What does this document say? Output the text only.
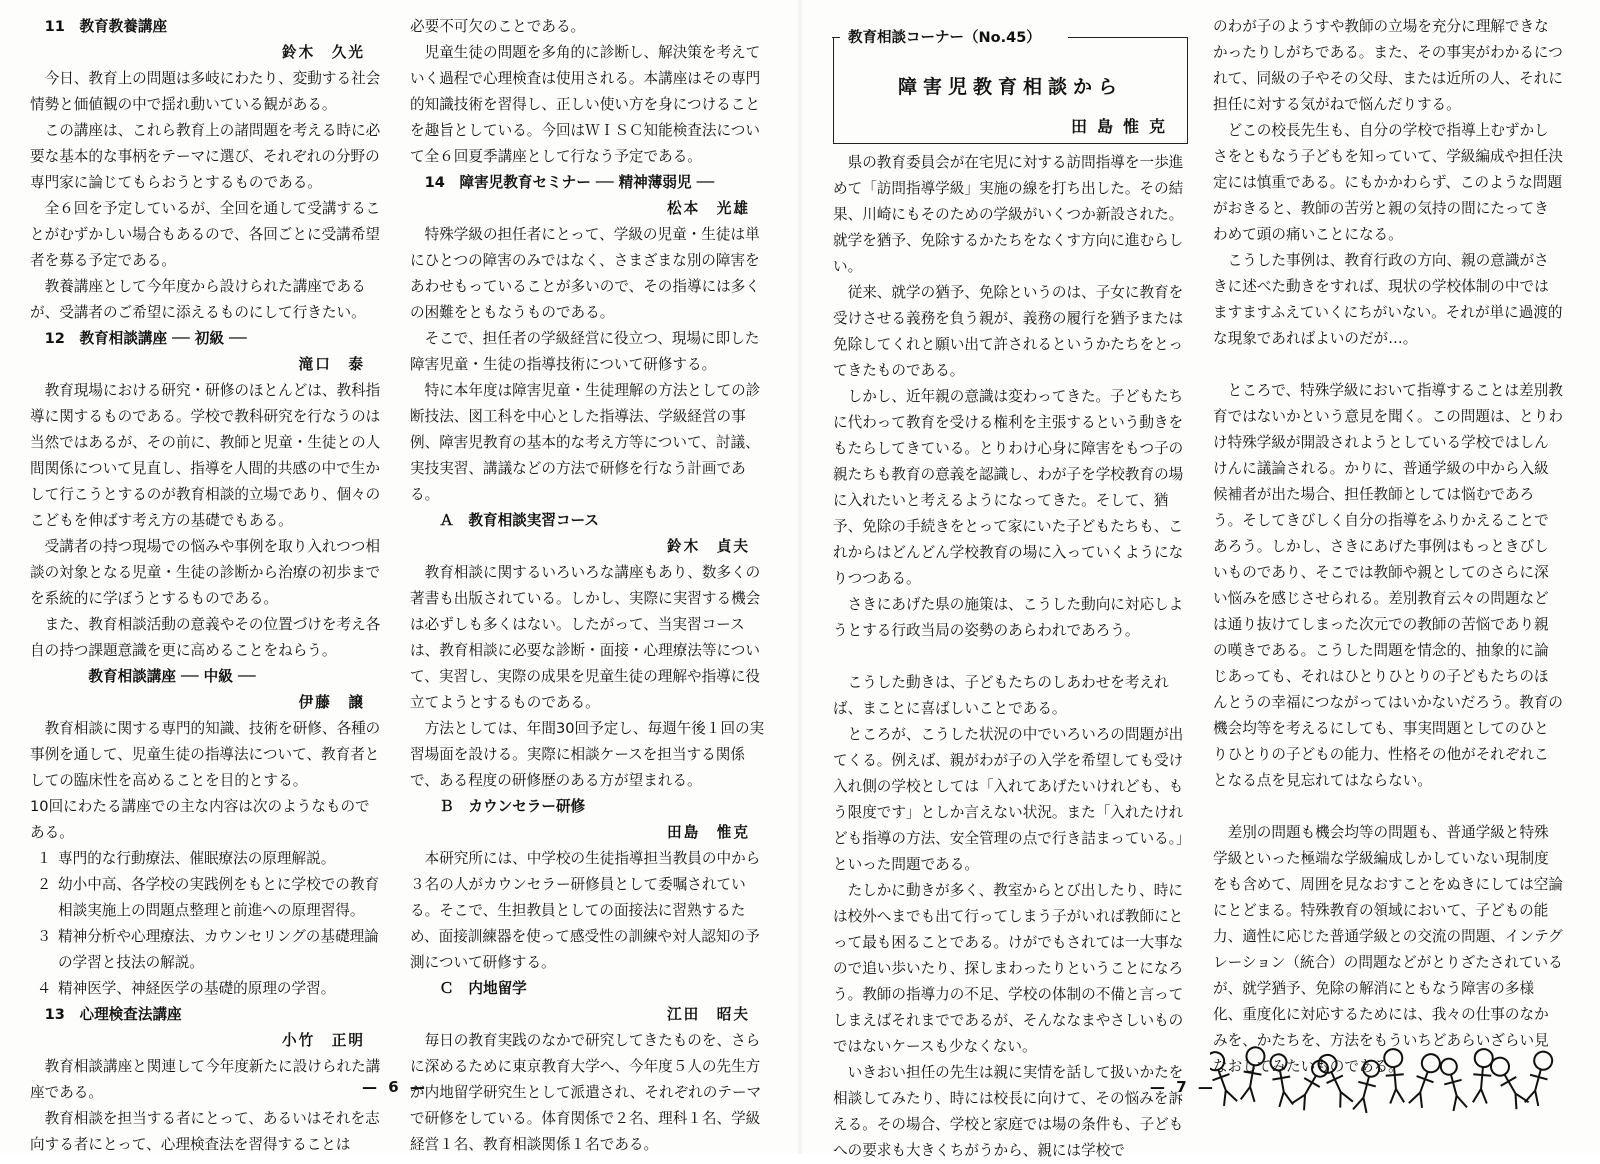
11　教育教養講座

鈴木　久光

今日、教育上の問題は多岐にわたり、変動する社会情勢と価値観の中で揺れ動いている観がある。

この講座は、これら教育上の諸問題を考える時に必要な基本的な事柄をテーマに選び、それぞれの分野の専門家に論じてもらおうとするものである。

全６回を予定しているが、全回を通して受講することがむずかしい場合もあるので、各回ごとに受講希望者を募る予定である。

教養講座として今年度から設けられた講座であるが、受講者のご希望に添えるものにして行きたい。

12　教育相談講座 ── 初級 ──

滝口　泰

教育現場における研究・研修のほとんどは、教科指導に関するものである。学校で教科研究を行なうのは当然ではあるが、その前に、教師と児童・生徒との人間関係について見直し、指導を人間的共感の中で生かして行こうとするのが教育相談的立場であり、個々のこどもを伸ばす考え方の基礎でもある。

受講者の持つ現場での悩みや事例を取り入れつつ相談の対象となる児童・生徒の診断から治療の初歩までを系統的に学ぼうとするものである。

また、教育相談活動の意義やその位置づけを考え各自の持つ課題意識を更に高めることをねらう。

　　　教育相談講座 ── 中級 ──

伊藤　譲

教育相談に関する専門的知識、技術を研修、各種の事例を通して、児童生徒の指導法について、教育者としての臨床性を高めることを目的とする。

10回にわたる講座での主な内容は次のようなものである。

１ 専門的な行動療法、催眠療法の原理解説。
２ 幼小中高、各学校の実践例をもとに学校での教育相談実施上の問題点整理と前進への原理習得。
３ 精神分析や心理療法、カウンセリングの基礎理論の学習と技法の解説。
４ 精神医学、神経医学の基礎的原理の学習。

13　心理検査法講座

小竹　正明

教育相談講座と関連して今年度新たに設けられた講座である。

教育相談を担当する者にとって、あるいはそれを志向する者にとって、心理検査法を習得することは

必要不可欠のことである。

児童生徒の問題を多角的に診断し、解決策を考えていく過程で心理検査は使用される。本講座はその専門的知識技術を習得し、正しい使い方を身につけることを趣旨としている。今回はＷＩＳＣ知能検査法について全６回夏季講座として行なう予定である。

14　障害児教育セミナー ── 精神薄弱児 ──

松本　光雄

特殊学級の担任者にとって、学級の児童・生徒は単にひとつの障害のみではなく、さまざまな別の障害をあわせもっていることが多いので、その指導には多くの困難をともなうものである。

そこで、担任者の学級経営に役立つ、現場に即した障害児童・生徒の指導技術について研修する。

特に本年度は障害児童・生徒理解の方法としての診断技法、図工科を中心とした指導法、学級経営の事例、障害児教育の基本的な考え方等について、討議、実技実習、講議などの方法で研修を行なう計画である。

　Ａ　教育相談実習コース

鈴木　貞夫

教育相談に関するいろいろな講座もあり、数多くの著書も出版されている。しかし、実際に実習する機会は必ずしも多くはない。したがって、当実習コースは、教育相談に必要な診断・面接・心理療法等について、実習し、実際の成果を児童生徒の理解や指導に役立てようとするものである。

方法としては、年間30回予定し、毎週午後１回の実習場面を設ける。実際に相談ケースを担当する関係で、ある程度の研修歴のある方が望まれる。

　Ｂ　カウンセラー研修

田島　惟克

本研究所には、中学校の生徒指導担当教員の中から３名の人がカウンセラー研修員として委嘱されている。そこで、生担教員としての面接法に習熟するため、面接訓練器を使って感受性の訓練や対人認知の予測について研修する。

　Ｃ　内地留学

江田　昭夫

毎日の教育実践のなかで研究してきたものを、さらに深めるために東京教育大学へ、今年度５人の先生方が内地留学研究生として派遣され、それぞれのテーマで研修をしている。体育関係で２名、理科１名、学級経営１名、教育相談関係１名である。

教育相談コーナー（No.45）
障害児教育相談から
田島惟克

県の教育委員会が在宅児に対する訪問指導を一歩進めて「訪問指導学級」実施の線を打ち出した。その結果、川崎にもそのための学級がいくつか新設された。就学を猶予、免除するかたちをなくす方向に進むらしい。

従来、就学の猶予、免除というのは、子女に教育を受けさせる義務を負う親が、義務の履行を猶予または免除してくれと願い出て許されるというかたちをとってきたものである。

しかし、近年親の意識は変わってきた。子どもたちに代わって教育を受ける権利を主張するという動きをもたらしてきている。とりわけ心身に障害をもつ子の親たちも教育の意義を認識し、わが子を学校教育の場に入れたいと考えるようになってきた。そして、猶予、免除の手続きをとって家にいた子どもたちも、これからはどんどん学校教育の場に入っていくようになりつつある。

さきにあげた県の施策は、こうした動向に対応しようとする行政当局の姿勢のあらわれであろう。

こうした動きは、子どもたちのしあわせを考えれば、まことに喜ばしいことである。

ところが、こうした状況の中でいろいろの問題が出てくる。例えば、親がわが子の入学を希望しても受け入れ側の学校としては「入れてあげたいけれども、もう限度です」としか言えない状況。また「入れたけれども指導の方法、安全管理の点で行き詰まっている。」といった問題である。

たしかに動きが多く、教室からとび出したり、時には校外へまでも出て行ってしまう子がいれば教師にとって最も困ることである。けがでもされては一大事なので追い歩いたり、探しまわったりということになろう。教師の指導力の不足、学校の体制の不備と言ってしまえばそれまでであるが、そんななまやさしいものではないケースも少なくない。

いきおい担任の先生は親に実情を話して扱いかたを相談してみたり、時には校長に向けて、その悩みを訴える。その場合、学校と家庭では場の条件も、子どもへの要求も大きくちがうから、親には学校で

のわが子のようすや教師の立場を充分に理解できなかったりしがちである。また、その事実がわかるにつれて、同級の子やその父母、または近所の人、それに担任に対する気がねで悩んだりする。

どこの校長先生も、自分の学校で指導上むずかしさをともなう子どもを知っていて、学級編成や担任決定には慎重である。にもかかわらず、このような問題がおきると、教師の苦労と親の気持の間にたってきわめて頭の痛いことになる。

こうした事例は、教育行政の方向、親の意識がさきに述べた動きをすれば、現状の学校体制の中ではますますふえていくにちがいない。それが単に過渡的な現象であればよいのだが…。

ところで、特殊学級において指導することは差別教育ではないかという意見を聞く。この問題は、とりわけ特殊学級が開設されようとしている学校ではしんけんに議論される。かりに、普通学級の中から入級候補者が出た場合、担任教師としては悩むであろう。そしてきびしく自分の指導をふりかえることであろう。しかし、さきにあげた事例はもっときびしいものであり、そこでは教師や親としてのさらに深い悩みを感じさせられる。差別教育云々の問題などは通り抜けてしまった次元での教師の苦悩であり親の嘆きである。こうした問題を情念的、抽象的に論じあっても、それはひとりひとりの子どもたちのほんとうの幸福につながってはいかないだろう。教育の機会均等を考えるにしても、事実問題としてのひとりひとりの子どもの能力、性格その他がそれぞれことなる点を見忘れてはならない。

差別の問題も機会均等の問題も、普通学級と特殊学級といった極端な学級編成しかしていない現制度をも含めて、周囲を見なおすことをぬきにしては空論にとどまる。特殊教育の領域において、子どもの能力、適性に応じた普通学級との交流の問題、インテグレーション（統合）の問題などがとりざたされているが、就学猶予、免除の解消にともなう障害の多様化、重度化に対応するためには、我々の仕事のなかみを、かたちを、方法をもういちどあらいざらい見なおしてみたいものである。

— 6 —	— 7 —
